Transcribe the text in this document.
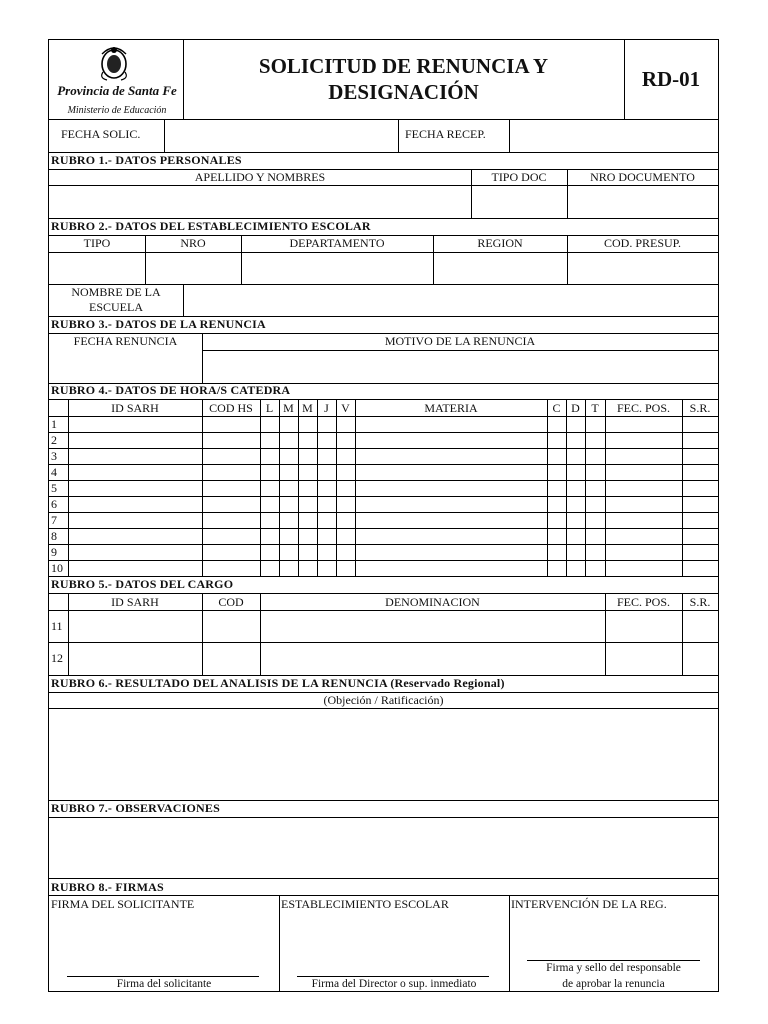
Provincia de Santa Fe
Ministerio de Educación
SOLICITUD DE RENUNCIA Y
DESIGNACIÓN
RD-01
FECHA SOLIC.	FECHA RECEP.
RUBRO 1.- DATOS PERSONALES
APELLIDO Y NOMBRES	TIPO DOC	NRO DOCUMENTO
RUBRO 2.- DATOS DEL ESTABLECIMIENTO ESCOLAR
TIPO	NRO	DEPARTAMENTO	REGION	COD. PRESUP.
NOMBRE DE LA
ESCUELA
RUBRO 3.- DATOS DE LA RENUNCIA
FECHA RENUNCIA	MOTIVO DE LA RENUNCIA
RUBRO 4.- DATOS DE HORA/S CATEDRA
ID SARH	COD HS	L M M J	V	MATERIA	C D T	FEC. POS.	S.R.
1
2
3
4
5
6
7
8
9
10
RUBRO 5.- DATOS DEL CARGO
ID SARH	COD	DENOMINACION	FEC. POS.	S.R.
11
12
RUBRO 6.- RESULTADO DEL ANALISIS DE LA RENUNCIA (Reservado Regional)
(Objeción / Ratificación)
RUBRO 7.- OBSERVACIONES
RUBRO 8.- FIRMAS
FIRMA DEL SOLICITANTE	ESTABLECIMIENTO ESCOLAR	INTERVENCIÓN DE LA REG.
Firma del solicitante	Firma del Director o sup. inmediato
Firma y sello del responsable
de aprobar la renuncia
